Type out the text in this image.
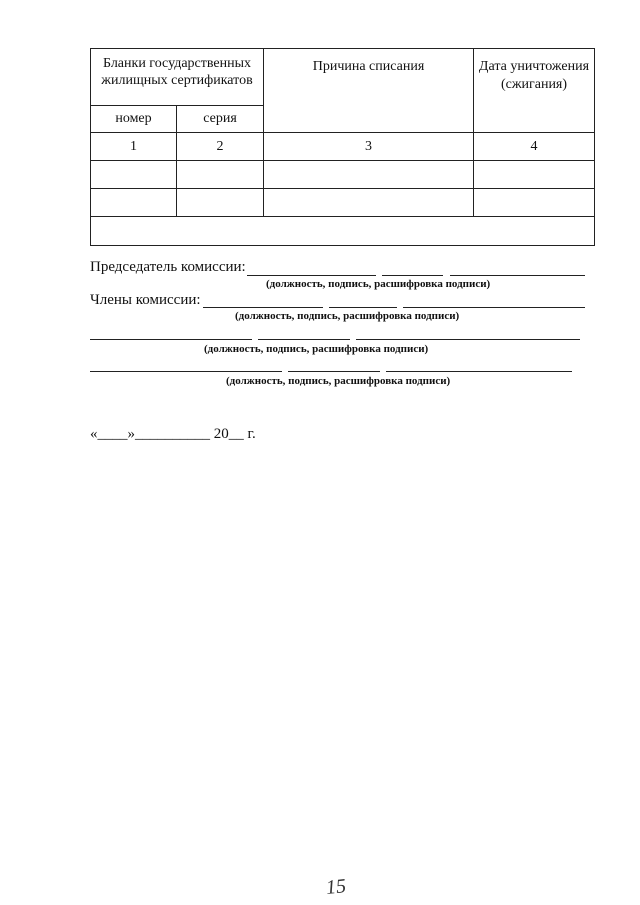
Бланки государственных жилищных сертификатов		Причина списания	Дата уничтожения (сжигания)
номер	серия		
1	2	3	4

Председатель комиссии:
(должность, подпись, расшифровка подписи)
Члены комиссии:
(должность, подпись, расшифровка подписи)
(должность, подпись, расшифровка подписи)
(должность, подпись, расшифровка подписи)
«____»__________ 20__ г.
15
